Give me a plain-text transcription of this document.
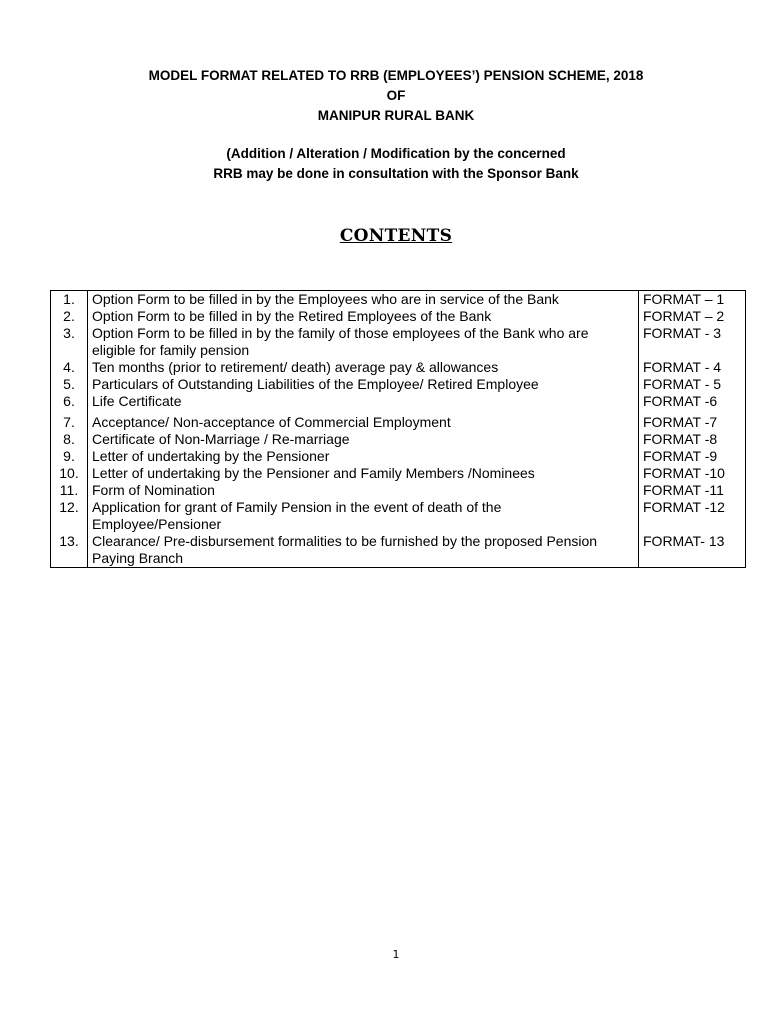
MODEL FORMAT RELATED TO RRB (EMPLOYEES’) PENSION SCHEME, 2018
OF
MANIPUR RURAL BANK
(Addition / Alteration / Modification by the concerned
RRB may be done in consultation with the Sponsor Bank
CONTENTS
1.	Option Form to be filled in by the Employees who are in service of the Bank	FORMAT – 1
2.	Option Form to be filled in by the Retired Employees of the Bank	FORMAT – 2
3.	Option Form to be filled in by the family of those employees of the Bank who are eligible for family pension	FORMAT - 3
4.	Ten months (prior to retirement/ death) average pay & allowances	FORMAT - 4
5.	Particulars of Outstanding Liabilities of the Employee/ Retired Employee	FORMAT - 5
6.	Life Certificate	FORMAT -6
7.	Acceptance/ Non-acceptance of Commercial Employment	FORMAT -7
8.	Certificate of Non-Marriage / Re-marriage	FORMAT -8
9.	Letter of undertaking by the Pensioner	FORMAT -9
10.	Letter of undertaking by the Pensioner and Family Members /Nominees	FORMAT -10
11.	Form of Nomination	FORMAT -11
12.	Application for grant of Family Pension in the event of death of the Employee/Pensioner	FORMAT -12
13.	Clearance/ Pre-disbursement formalities to be furnished by the proposed Pension Paying Branch	FORMAT- 13
1
